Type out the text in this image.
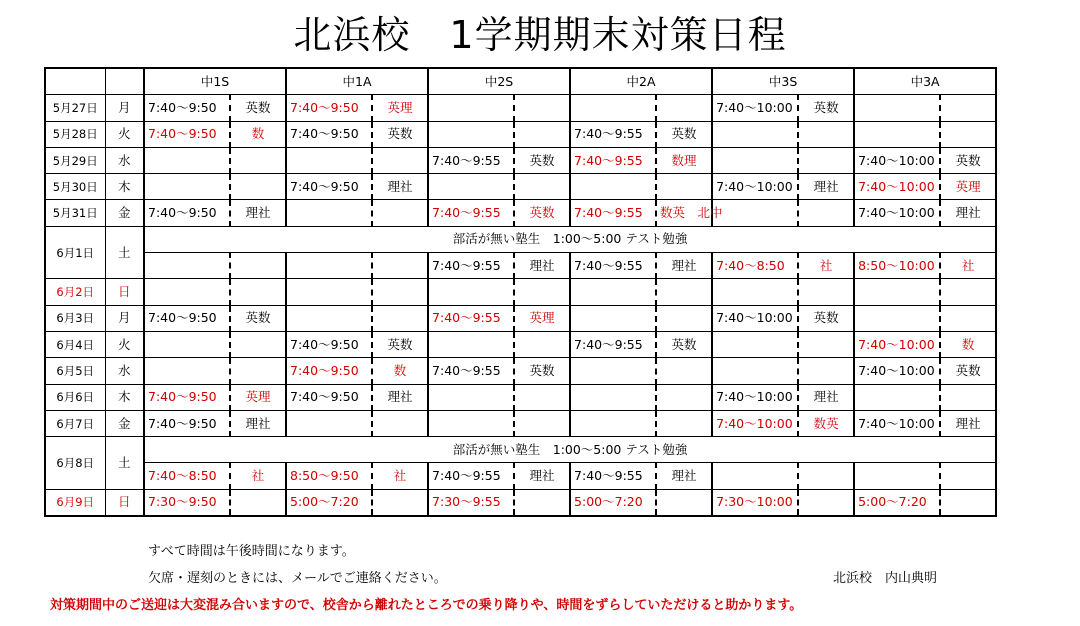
北浜校　1学期期末対策日程
		中1S		中1A		中2S		中2A		中3S		中3A	
5月27日	月	7:40～9:50	英数	7:40～9:50	英理					7:40～10:00	英数		
5月28日	火	7:40～9:50	数	7:40～9:50	英数			7:40～9:55	英数				
5月29日	水					7:40～9:55	英数	7:40～9:55	数理			7:40～10:00	英数
5月30日	木			7:40～9:50	理社					7:40～10:00	理社	7:40～10:00	英理
5月31日	金	7:40～9:50	理社			7:40～9:55	英数	7:40～9:55	数英　北中			7:40～10:00	理社
6月1日	土	部活が無い塾生　1:00～5:00 テスト勉強											
						7:40～9:55	理社	7:40～9:55	理社	7:40～8:50	社	8:50～10:00	社
6月2日	日												
6月3日	月	7:40～9:50	英数			7:40～9:55	英理			7:40～10:00	英数		
6月4日	火			7:40～9:50	英数			7:40～9:55	英数			7:40～10:00	数
6月5日	水			7:40～9:50	数	7:40～9:55	英数					7:40～10:00	英数
6月6日	木	7:40～9:50	英理	7:40～9:50	理社					7:40～10:00	理社		
6月7日	金	7:40～9:50	理社							7:40～10:00	数英	7:40～10:00	理社
6月8日	土	部活が無い塾生　1:00～5:00 テスト勉強											
		7:40～8:50	社	8:50～9:50	社	7:40～9:55	理社	7:40～9:55	理社				
6月9日	日	7:30～9:50		5:00～7:20		7:30～9:55		5:00～7:20		7:30～10:00		5:00～7:20	
すべて時間は午後時間になります。
欠席・遅刻のときには、メールでご連絡ください。	北浜校　内山典明
対策期間中のご送迎は大変混み合いますので、校舎から離れたところでの乗り降りや、時間をずらしていただけると助かります。
